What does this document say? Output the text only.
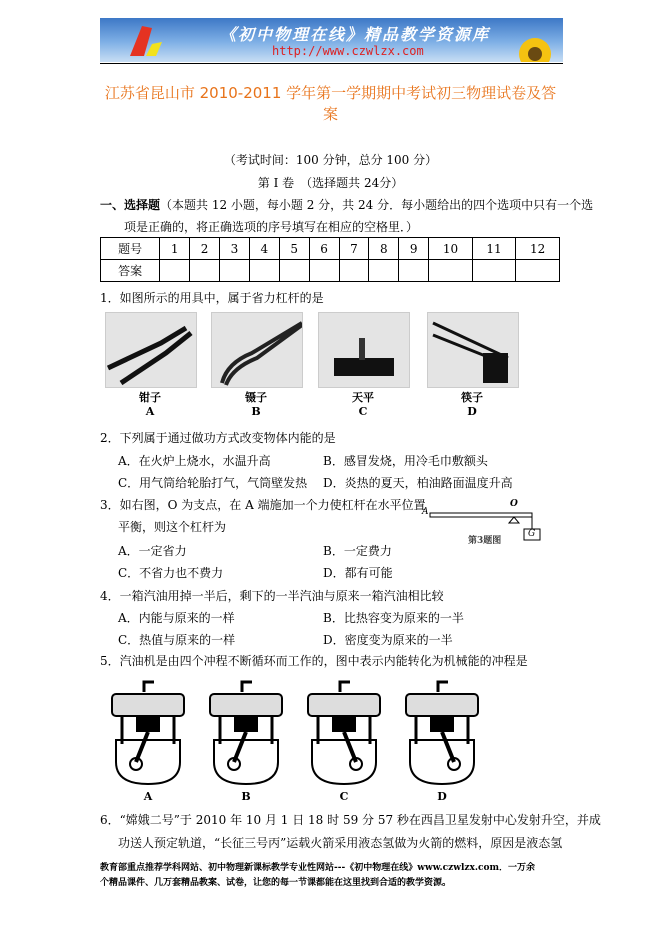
《初中物理在线》精品教学资源库
http://www.czwlzx.com
江苏省昆山市 2010-2011 学年第一学期期中考试初三物理试卷及答
案
（考试时间：100 分钟，总分 100 分）
第 I 卷　（选择题共 24分）
一、选择题（本题共 12 小题，每小题 2 分，共 24 分．每小题给出的四个选项中只有一个选
项是正确的，将正确选项的序号填写在相应的空格里．）
题号	1	2	3	4	5	6	7	8	9	10	11	12
答案												
1．如图所示的用具中，属于省力杠杆的是
钳子
A
镊子
B
天平
C
筷子
D
2．下列属于通过做功方式改变物体内能的是
A．在火炉上烧水，水温升高	B．感冒发烧，用冷毛巾敷额头
C．用气筒给轮胎打气，气筒壁发热 D．炎热的夏天，柏油路面温度升高
3．如右图，O 为支点，在 A 端施加一个力使杠杆在水平位置
平衡，则这个杠杆为
A
O
G
第3题图
A．一定省力	B．一定费力
C．不省力也不费力	D．都有可能
4．一箱汽油用掉一半后，剩下的一半汽油与原来一箱汽油相比较
A．内能与原来的一样	B．比热容变为原来的一半
C．热值与原来的一样	D．密度变为原来的一半
5．汽油机是由四个冲程不断循环而工作的，图中表示内能转化为机械能的冲程是
A	B	C	D
6．“嫦娥二号”于 2010 年 10 月 1 日 18 时 59 分 57 秒在西昌卫星发射中心发射升空，并成
功送人预定轨道，“长征三号丙”运载火箭采用液态氢做为火箭的燃料，原因是液态氢
教育部重点推荐学科网站、初中物理新课标教学专业性网站---《初中物理在线》www.czwlzx.com．一万余
个精品课件、几万套精品教案、试卷，让您的每一节课都能在这里找到合适的教学资源。
